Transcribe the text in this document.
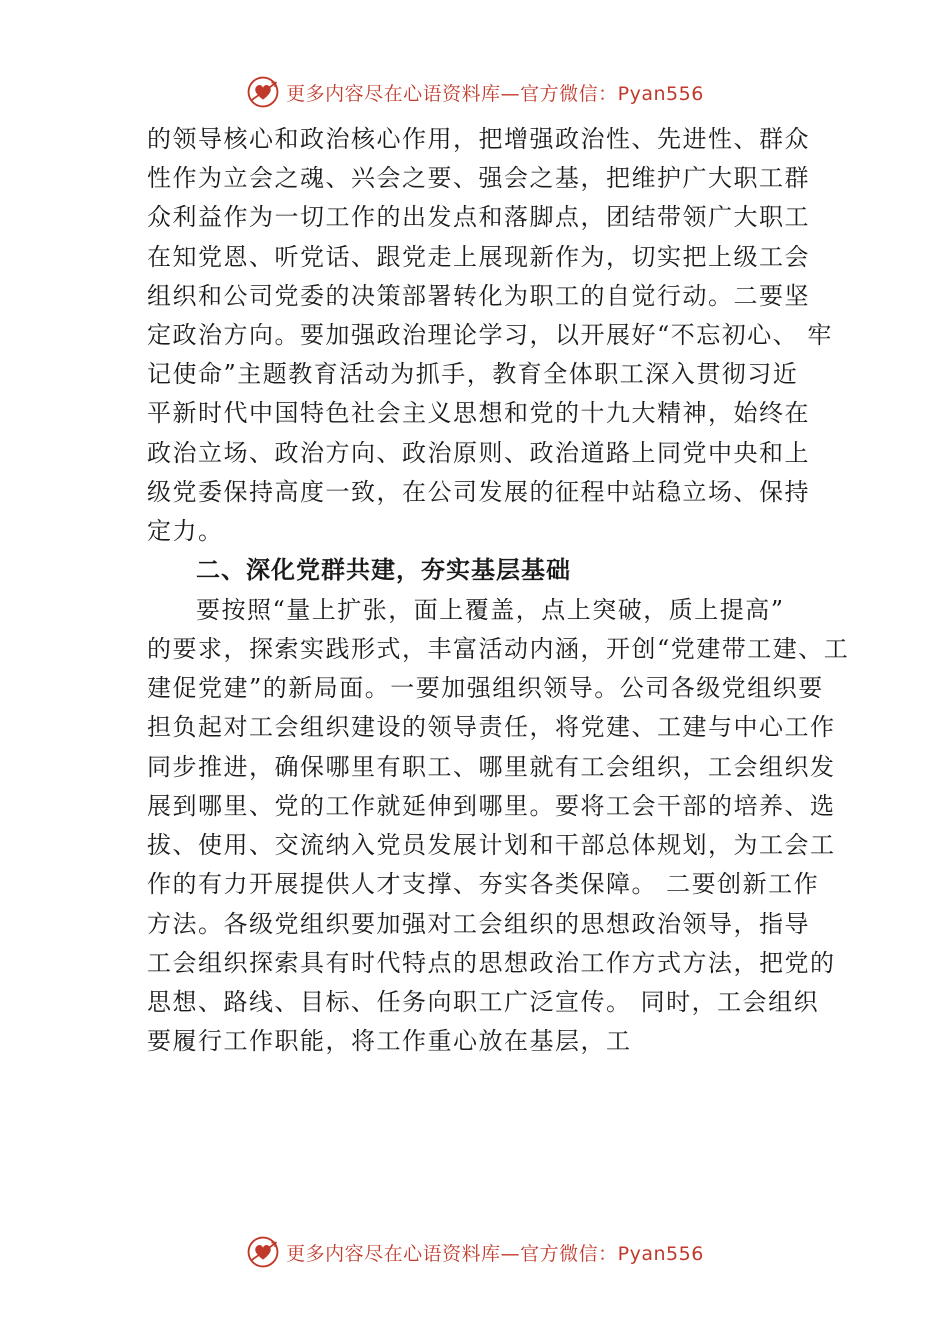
更多内容尽在心语资料库—官方微信：Pyan556
的领导核心和政治核心作用，把增强政治性、先进性、群众
性作为立会之魂、兴会之要、强会之基，把维护广大职工群
众利益作为一切工作的出发点和落脚点，团结带领广大职工
在知党恩、听党话、跟党走上展现新作为，切实把上级工会
组织和公司党委的决策部署转化为职工的自觉行动。二要坚
定政治方向。要加强政治理论学习，以开展好“不忘初心、 牢
记使命”主题教育活动为抓手，教育全体职工深入贯彻习近
平新时代中国特色社会主义思想和党的十九大精神，始终在
政治立场、政治方向、政治原则、政治道路上同党中央和上
级党委保持高度一致，在公司发展的征程中站稳立场、保持
定力。
二、深化党群共建，夯实基层基础
要按照“量上扩张，面上覆盖，点上突破，质上提高”
的要求，探索实践形式，丰富活动内涵，开创“党建带工建、工
建促党建”的新局面。一要加强组织领导。公司各级党组织要
担负起对工会组织建设的领导责任，将党建、工建与中心工作
同步推进，确保哪里有职工、哪里就有工会组织，工会组织发
展到哪里、党的工作就延伸到哪里。要将工会干部的培养、选
拔、使用、交流纳入党员发展计划和干部总体规划，为工会工
作的有力开展提供人才支撑、夯实各类保障。 二要创新工作
方法。各级党组织要加强对工会组织的思想政治领导，指导
工会组织探索具有时代特点的思想政治工作方式方法，把党的
思想、路线、目标、任务向职工广泛宣传。 同时，工会组织
要履行工作职能，将工作重心放在基层，工
更多内容尽在心语资料库—官方微信：Pyan556
